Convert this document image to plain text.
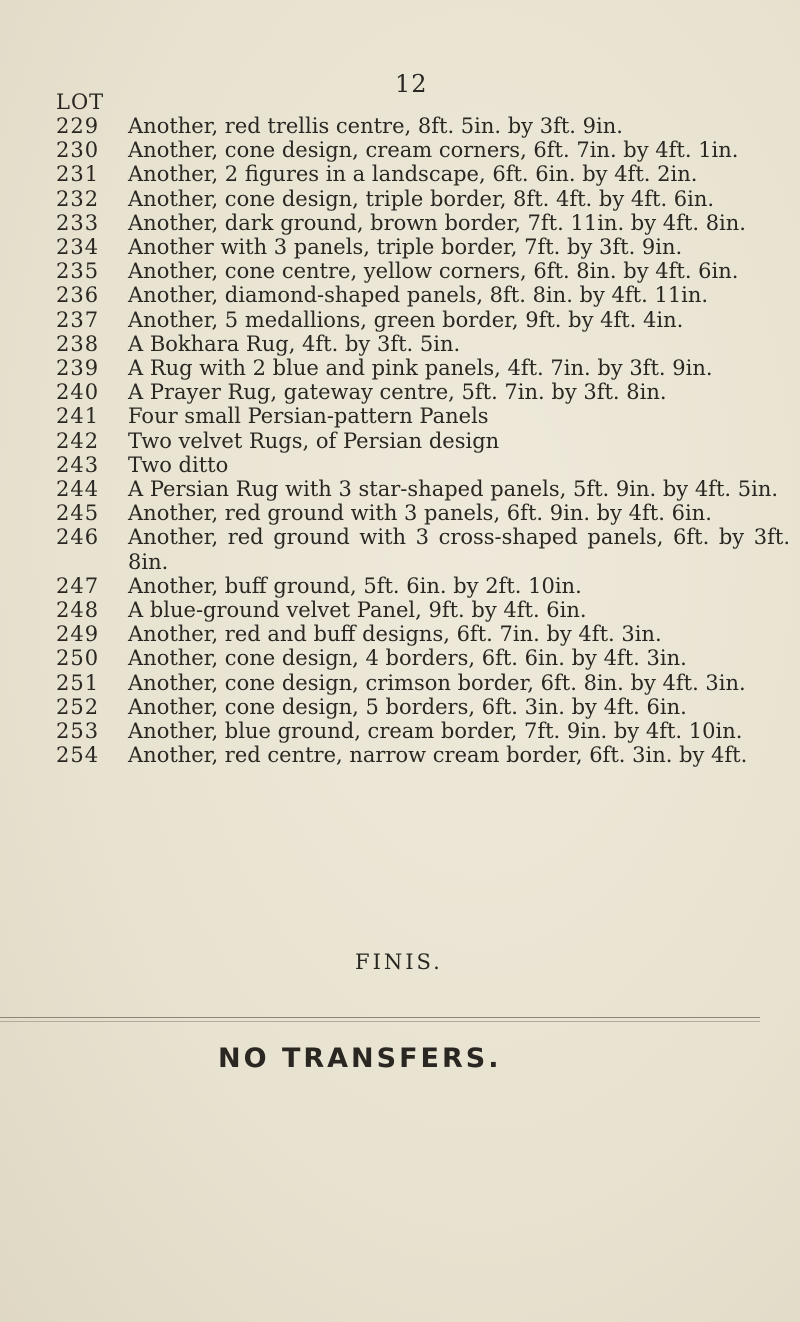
12
LOT
229	Another, red trellis centre, 8ft. 5in. by 3ft. 9in.
230	Another, cone design, cream corners, 6ft. 7in. by 4ft. 1in.
231	Another, 2 figures in a landscape, 6ft. 6in. by 4ft. 2in.
232	Another, cone design, triple border, 8ft. 4ft. by 4ft. 6in.
233	Another, dark ground, brown border, 7ft. 11in. by 4ft. 8in.
234	Another with 3 panels, triple border, 7ft. by 3ft. 9in.
235	Another, cone centre, yellow corners, 6ft. 8in. by 4ft. 6in.
236	Another, diamond-shaped panels, 8ft. 8in. by 4ft. 11in.
237	Another, 5 medallions, green border, 9ft. by 4ft. 4in.
238	A Bokhara Rug, 4ft. by 3ft. 5in.
239	A Rug with 2 blue and pink panels, 4ft. 7in. by 3ft. 9in.
240	A Prayer Rug, gateway centre, 5ft. 7in. by 3ft. 8in.
241	Four small Persian-pattern Panels
242	Two velvet Rugs, of Persian design
243	Two ditto
244	A Persian Rug with 3 star-shaped panels, 5ft. 9in. by 4ft. 5in.
245	Another, red ground with 3 panels, 6ft. 9in. by 4ft. 6in.
246	Another, red ground with 3 cross-shaped panels, 6ft. by 3ft. 8in.
247	Another, buff ground, 5ft. 6in. by 2ft. 10in.
248	A blue-ground velvet Panel, 9ft. by 4ft. 6in.
249	Another, red and buff designs, 6ft. 7in. by 4ft. 3in.
250	Another, cone design, 4 borders, 6ft. 6in. by 4ft. 3in.
251	Another, cone design, crimson border, 6ft. 8in. by 4ft. 3in.
252	Another, cone design, 5 borders, 6ft. 3in. by 4ft. 6in.
253	Another, blue ground, cream border, 7ft. 9in. by 4ft. 10in.
254	Another, red centre, narrow cream border, 6ft. 3in. by 4ft.
FINIS.
NO TRANSFERS.
